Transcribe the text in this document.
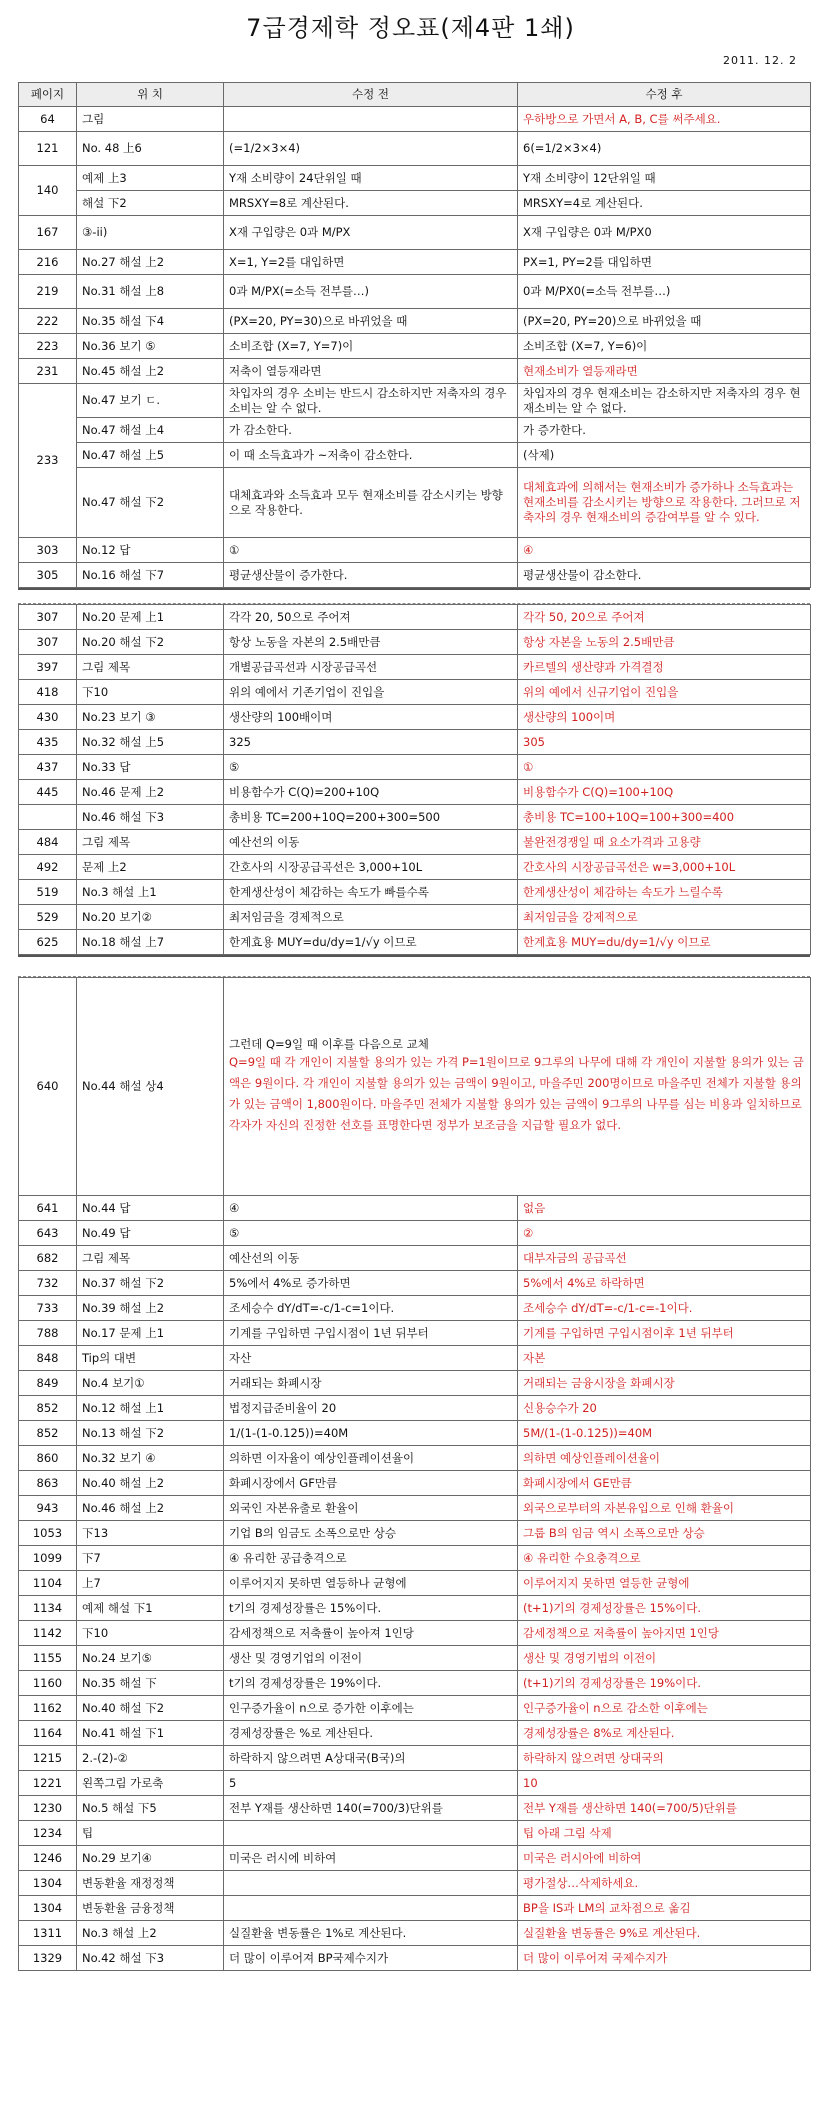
7급경제학 정오표(제4판 1쇄)
2011. 12. 2
페이지	위 치	수정 전	수정 후
64	그림		우하방으로 가면서 A, B, C를 써주세요.
121	No. 48 上6	(=1/2×3×4)	6(=1/2×3×4)
140	예제 上3	Y재 소비량이 24단위일 때	Y재 소비량이 12단위일 때
	해설 下2	MRSXY=8로 계산된다.	MRSXY=4로 계산된다.
167	③-ii)	X재 구입량은 0과 M/PX	X재 구입량은 0과 M/PX0
216	No.27 해설 上2	X=1, Y=2를 대입하면	PX=1, PY=2를 대입하면
219	No.31 해설 上8	0과 M/PX(=소득 전부를…)	0과 M/PX0(=소득 전부를…)
222	No.35 해설 下4	(PX=20, PY=30)으로 바뀌었을 때	(PX=20, PY=20)으로 바뀌었을 때
223	No.36 보기 ⑤	소비조합 (X=7, Y=7)이	소비조합 (X=7, Y=6)이
231	No.45 해설 上2	저축이 열등재라면	현재소비가 열등재라면
233	No.47 보기 ㄷ.	차입자의 경우 소비는 반드시 감소하지만 저축자의 경우 소비는 알 수 없다.	차입자의 경우 현재소비는 감소하지만 저축자의 경우 현재소비는 알 수 없다.
	No.47 해설 上4	가 감소한다.	가 증가한다.
	No.47 해설 上5	이 때 소득효과가 ~저축이 감소한다.	(삭제)
	No.47 해설 下2	대체효과와 소득효과 모두 현재소비를 감소시키는 방향으로 작용한다.	대체효과에 의해서는 현재소비가 증가하나 소득효과는 현재소비를 감소시키는 방향으로 작용한다. 그러므로 저축자의 경우 현재소비의 증감여부를 알 수 있다.
303	No.12 답	①	④
305	No.16 해설 下7	평균생산물이 증가한다.	평균생산물이 감소한다.
307	No.20 문제 上1	각각 20, 50으로 주어져	각각 50, 20으로 주어져
307	No.20 해설 下2	항상 노동을 자본의 2.5배만큼	항상 자본을 노동의 2.5배만큼
397	그림 제목	개별공급곡선과 시장공급곡선	카르텔의 생산량과 가격결정
418	下10	위의 예에서 기존기업이 진입을	위의 예에서 신규기업이 진입을
430	No.23 보기 ③	생산량의 100배이며	생산량의 100이며
435	No.32 해설 上5	325	305
437	No.33 답	⑤	①
445	No.46 문제 上2	비용함수가 C(Q)=200+10Q	비용함수가 C(Q)=100+10Q
	No.46 해설 下3	총비용 TC=200+10Q=200+300=500	총비용 TC=100+10Q=100+300=400
484	그림 제목	예산선의 이동	불완전경쟁일 때 요소가격과 고용량
492	문제 上2	간호사의 시장공급곡선은 3,000+10L	간호사의 시장공급곡선은 w=3,000+10L
519	No.3 해설 上1	한계생산성이 체감하는 속도가 빠를수록	한계생산성이 체감하는 속도가 느릴수록
529	No.20 보기②	최저임금을 경제적으로	최저임금을 강제적으로
625	No.18 해설 上7	한계효용 MUY=du/dy=1/√y 이므로	한계효용 MUY=du/dy=1/√y 이므로
640	No.44 해설 상4	그런데 Q=9일 때 이후를 다음으로 교체
Q=9일 때 각 개인이 지불할 용의가 있는 가격 P=1원이므로 9그루의 나무에 대해 각 개인이 지불할 용의가 있는 금액은 9원이다. 각 개인이 지불할 용의가 있는 금액이 9원이고, 마을주민 200명이므로 마을주민 전체가 지불할 용의가 있는 금액이 1,800원이다. 마을주민 전체가 지불할 용의가 있는 금액이 9그루의 나무를 심는 비용과 일치하므로 각자가 자신의 진정한 선호를 표명한다면 정부가 보조금을 지급할 필요가 없다.	

641	No.44 답	④	없음
643	No.49 답	⑤	②
682	그림 제목	예산선의 이동	대부자금의 공급곡선
732	No.37 해설 下2	5%에서 4%로 증가하면	5%에서 4%로 하락하면
733	No.39 해설 上2	조세승수 dY/dT=-c/1-c=1이다.	조세승수 dY/dT=-c/1-c=-1이다.
788	No.17 문제 上1	기계를 구입하면 구입시점이 1년 뒤부터	기계를 구입하면 구입시점이후 1년 뒤부터
848	Tip의 대변	자산	자본
849	No.4 보기①	거래되는 화폐시장	거래되는 금융시장을 화폐시장
852	No.12 해설 上1	법정지급준비율이 20	신용승수가 20
852	No.13 해설 下2	1/(1-(1-0.125))=40M	5M/(1-(1-0.125))=40M
860	No.32 보기 ④	의하면 이자율이 예상인플레이션율이	의하면 예상인플레이션율이
863	No.40 해설 上2	화폐시장에서 GF만큼	화폐시장에서 GE만큼
943	No.46 해설 上2	외국인 자본유출로 환율이	외국으로부터의 자본유입으로 인해 환율이
1053	下13	기업 B의 임금도 소폭으로만 상승	그룹 B의 임금 역시 소폭으로만 상승
1099	下7	④ 유리한 공급충격으로	④ 유리한 수요충격으로
1104	上7	이루어지지 못하면 열등하나 균형에	이루어지지 못하면 열등한 균형에
1134	예제 해설 下1	t기의 경제성장률은 15%이다.	(t+1)기의 경제성장률은 15%이다.
1142	下10	감세정책으로 저축률이 높아져 1인당	감세정책으로 저축률이 높아지면 1인당
1155	No.24 보기⑤	생산 및 경영기업의 이전이	생산 및 경영기법의 이전이
1160	No.35 해설 下	t기의 경제성장률은 19%이다.	(t+1)기의 경제성장률은 19%이다.
1162	No.40 해설 下2	인구증가율이 n으로 증가한 이후에는	인구증가율이 n으로 감소한 이후에는
1164	No.41 해설 下1	경제성장률은 %로 계산된다.	경제성장률은 8%로 계산된다.
1215	2.-(2)-②	하락하지 않으려면 A상대국(B국)의	하락하지 않으려면 상대국의
1221	왼쪽그림 가로축	5	10
1230	No.5 해설 下5	전부 Y재를 생산하면 140(=700/3)단위를	전부 Y재를 생산하면 140(=700/5)단위를
1234	팁		팁 아래 그림 삭제
1246	No.29 보기④	미국은 러시에 비하여	미국은 러시아에 비하여
1304	변동환율 재정정책		평가절상…삭제하세요.
1304	변동환율 금융정책		BP을 IS과 LM의 교차점으로 옮김
1311	No.3 해설 上2	실질환율 변동률은 1%로 계산된다.	실질환율 변동률은 9%로 계산된다.
1329	No.42 해설 下3	더 많이 이루어져 BP국제수지가	더 많이 이루어져 국제수지가
